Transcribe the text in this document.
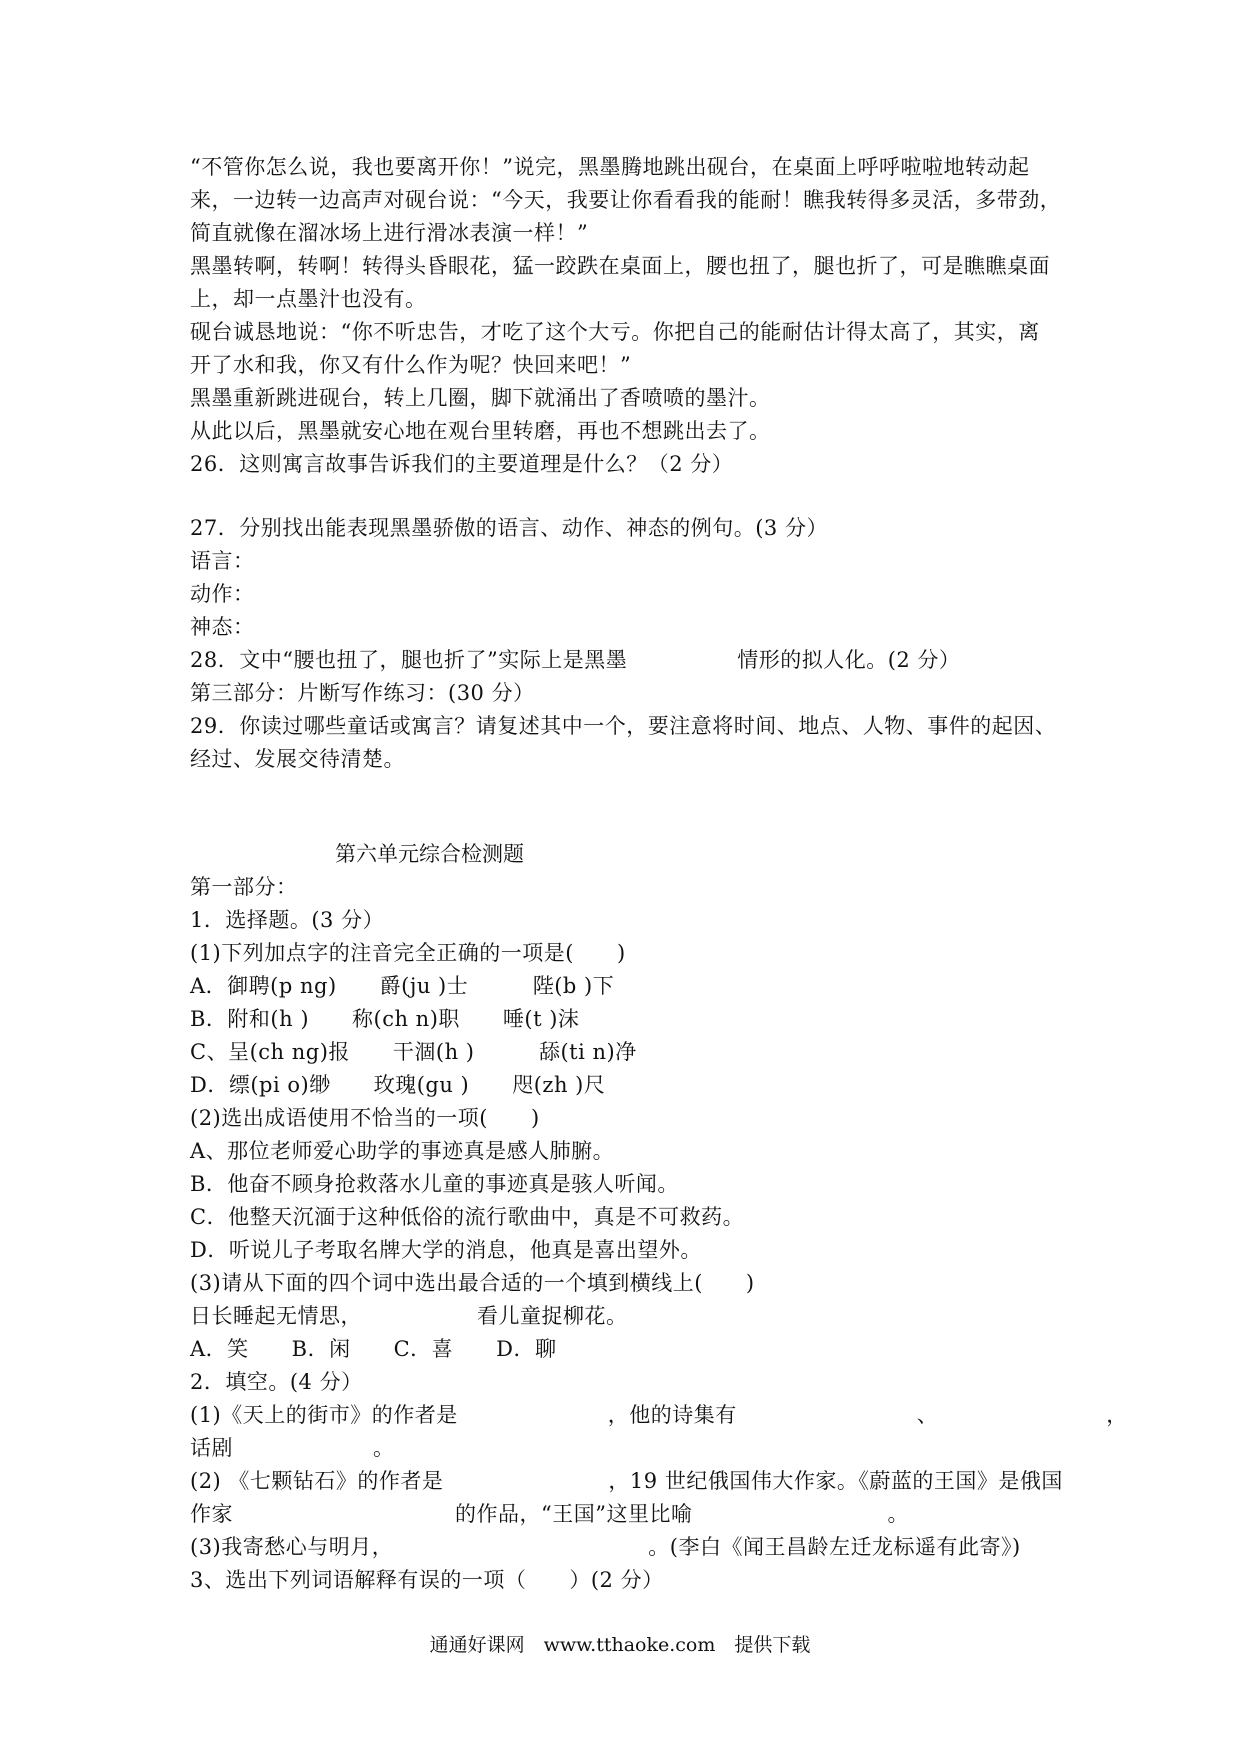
“不管你怎么说，我也要离开你！”说完，黑墨腾地跳出砚台，在桌面上呼呼啦啦地转动起
来，一边转一边高声对砚台说：“今天，我要让你看看我的能耐！瞧我转得多灵活，多带劲，
简直就像在溜冰场上进行滑冰表演一样！”
黑墨转啊，转啊！转得头昏眼花，猛一跤跌在桌面上，腰也扭了，腿也折了，可是瞧瞧桌面
上，却一点墨汁也没有。
砚台诚恳地说：“你不听忠告，才吃了这个大亏。你把自己的能耐估计得太高了，其实，离
开了水和我，你又有什么作为呢？快回来吧！”
黑墨重新跳进砚台，转上几圈，脚下就涌出了香喷喷的墨汁。
从此以后，黑墨就安心地在观台里转磨，再也不想跳出去了。
26．这则寓言故事告诉我们的主要道理是什么？（2 分）
27．分别找出能表现黑墨骄傲的语言、动作、神态的例句。(3 分）
语言：
动作：
神态：
28．文中“腰也扭了，腿也折了”实际上是黑墨	情形的拟人化。(2 分）
第三部分：片断写作练习：(30 分）
29．你读过哪些童话或寓言？请复述其中一个，要注意将时间、地点、人物、事件的起因、
经过、发展交待清楚。
第六单元综合检测题
第一部分：
1．选择题。(3 分）
(1)下列加点字的注音完全正确的一项是(　　)
A．御聘(p ng)　　爵(ju )士　　　陛(b )下
B．附和(h )　　称(ch n)职　　唾(t )沫
C、呈(ch ng)报　　干涸(h )　　　舔(ti n)净
D．缥(pi o)缈　　玫瑰(gu )　　咫(zh )尺
(2)选出成语使用不恰当的一项(　　)
A、那位老师爱心助学的事迹真是感人肺腑。
B．他奋不顾身抢救落水儿童的事迹真是骇人听闻。
C．他整天沉湎于这种低俗的流行歌曲中，真是不可救药。
D．听说儿子考取名牌大学的消息，他真是喜出望外。
(3)请从下面的四个词中选出最合适的一个填到横线上(　　)
日长睡起无情思，	看儿童捉柳花。
A．笑　　B．闲　　C．喜　　D．聊
2．填空。(4 分）
(1)《天上的街市》的作者是	，他的诗集有	、	，
话剧	。
(2) 《七颗钻石》的作者是	，19 世纪俄国伟大作家。《蔚蓝的王国》是俄国
作家	的作品，“王国”这里比喻	。
(3)我寄愁心与明月，	。(李白《闻王昌龄左迁龙标遥有此寄》)
3、选出下列词语解释有误的一项（　　）(2 分）
通通好课网　www.tthaoke.com　提供下载
